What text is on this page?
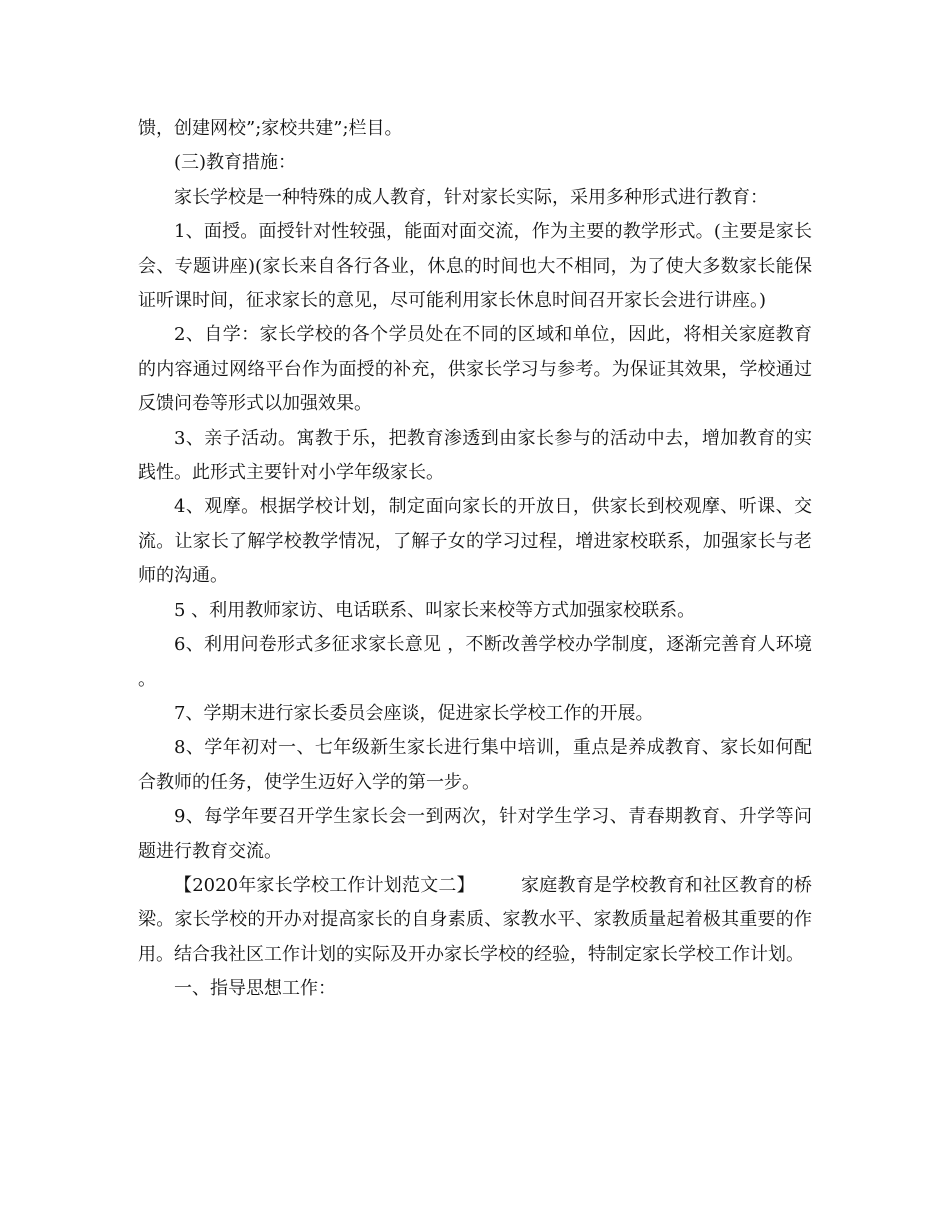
馈，创建网校”;家校共建”;栏目。

(三)教育措施：

家长学校是一种特殊的成人教育，针对家长实际，采用多种形式进行教育：

1、面授。面授针对性较强，能面对面交流，作为主要的教学形式。(主要是家长会、专题讲座)(家长来自各行各业，休息的时间也大不相同，为了使大多数家长能保证听课时间，征求家长的意见，尽可能利用家长休息时间召开家长会进行讲座。)

2、自学：家长学校的各个学员处在不同的区域和单位，因此，将相关家庭教育的内容通过网络平台作为面授的补充，供家长学习与参考。为保证其效果，学校通过反馈问卷等形式以加强效果。

3、亲子活动。寓教于乐，把教育渗透到由家长参与的活动中去，增加教育的实践性。此形式主要针对小学年级家长。

4、观摩。根据学校计划，制定面向家长的开放日，供家长到校观摩、听课、交流。让家长了解学校教学情况，了解子女的学习过程，增进家校联系，加强家长与老师的沟通。

5 、利用教师家访、电话联系、叫家长来校等方式加强家校联系。

6、利用问卷形式多征求家长意见 ，不断改善学校办学制度，逐渐完善育人环境 。

7、学期末进行家长委员会座谈，促进家长学校工作的开展。

8、学年初对一、七年级新生家长进行集中培训，重点是养成教育、家长如何配合教师的任务，使学生迈好入学的第一步。

9、每学年要召开学生家长会一到两次，针对学生学习、青春期教育、升学等问题进行教育交流。

【2020年家长学校工作计划范文二】	家庭教育是学校教育和社区教育的桥梁。家长学校的开办对提高家长的自身素质、家教水平、家教质量起着极其重要的作用。结合我社区工作计划的实际及开办家长学校的经验，特制定家长学校工作计划。

一、指导思想工作：
